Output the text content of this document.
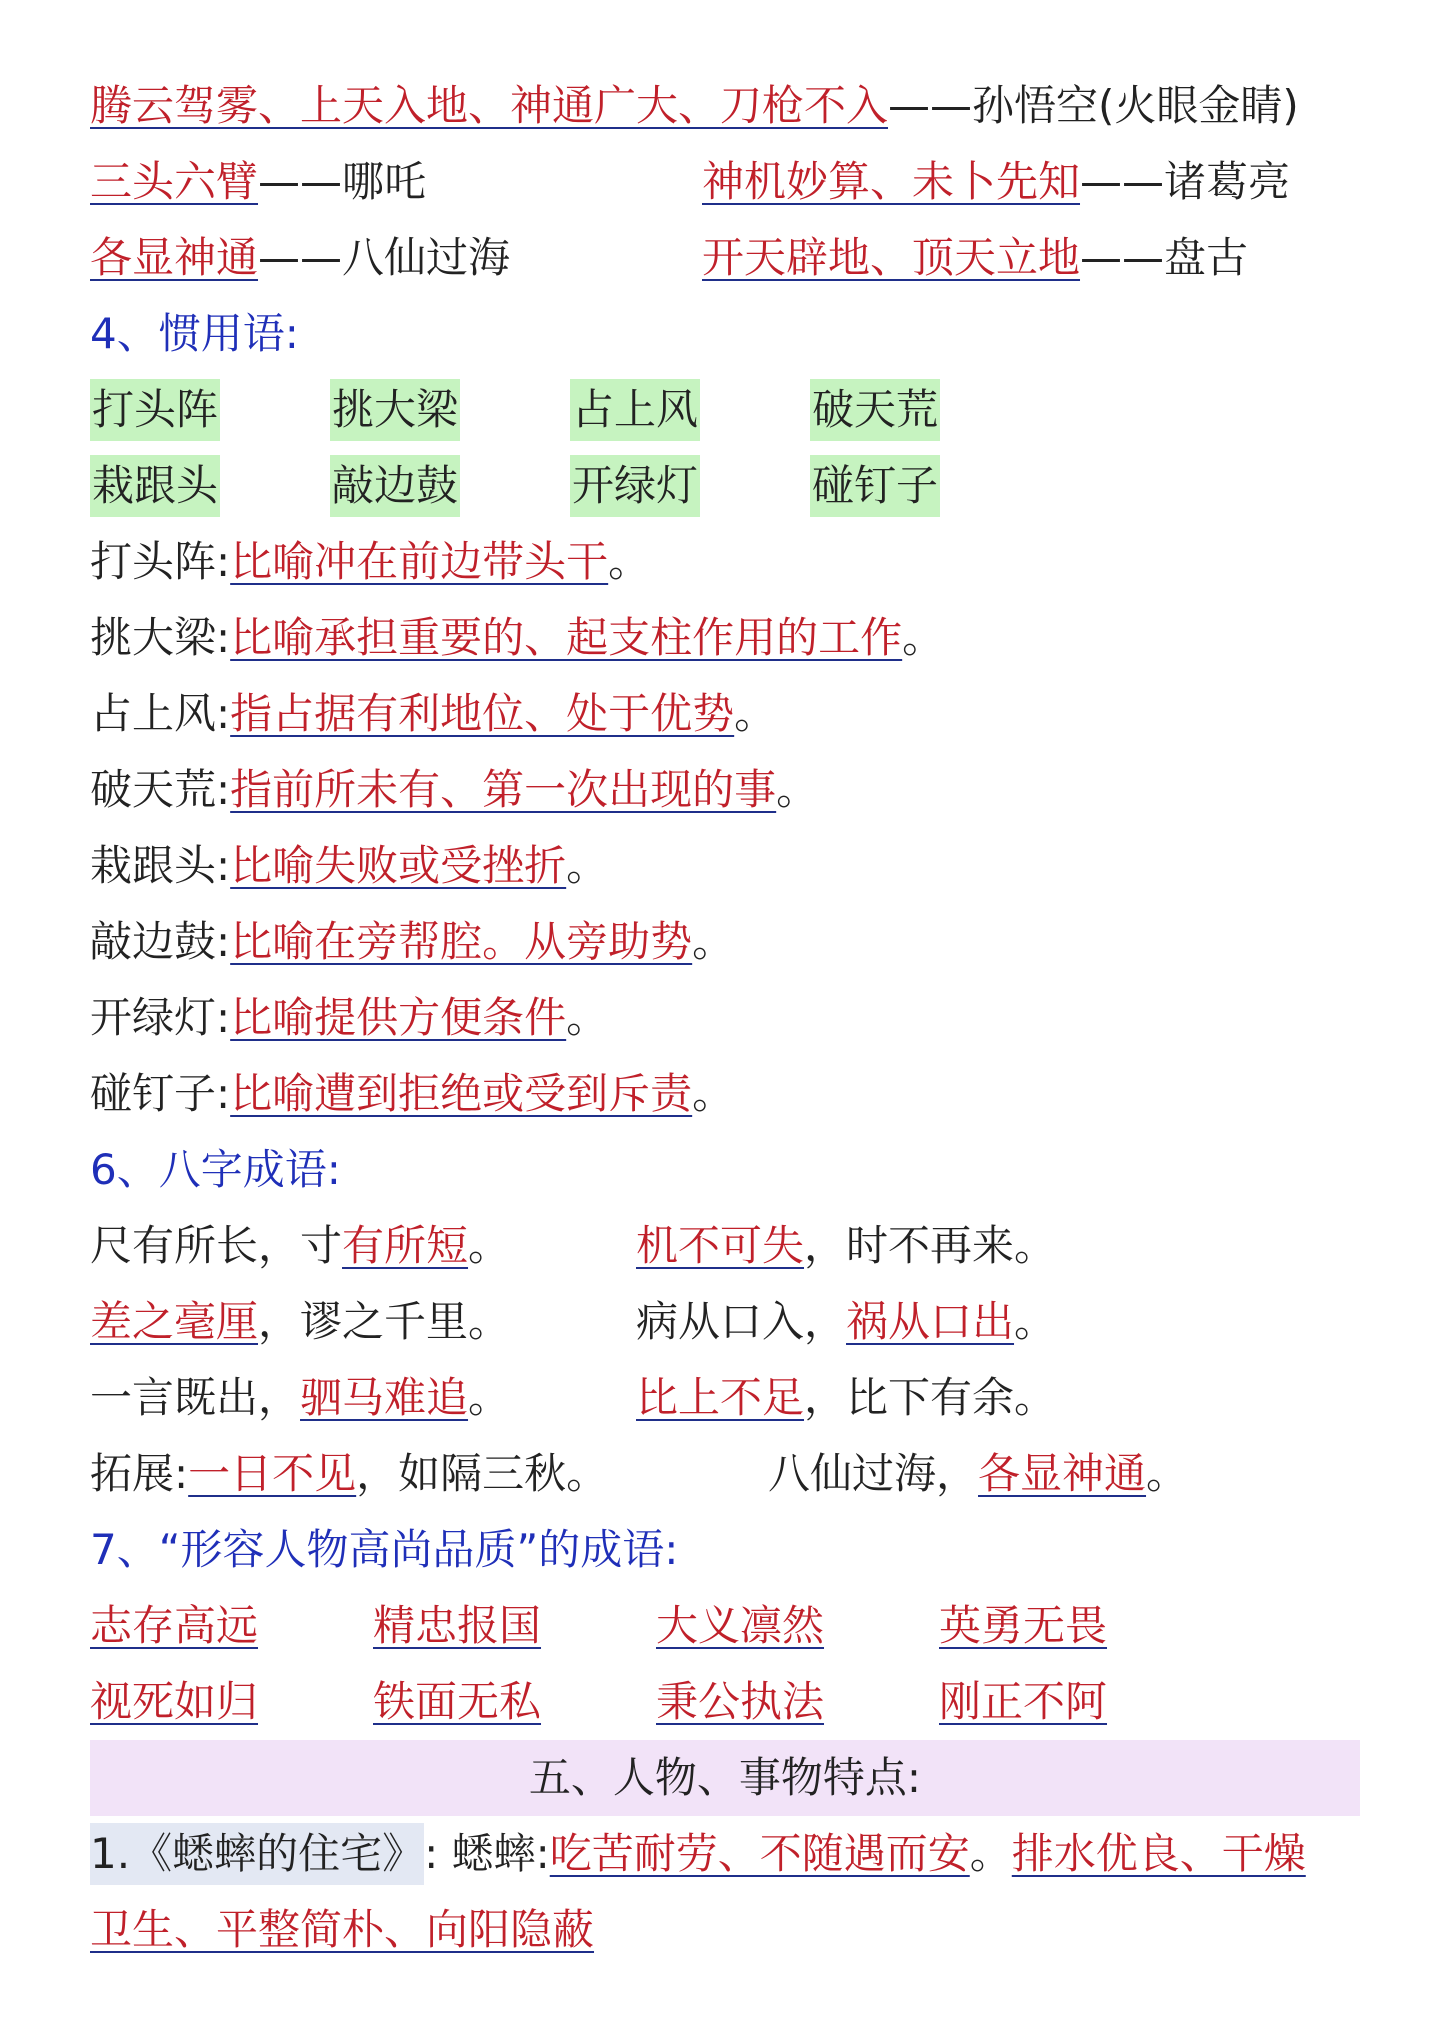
腾云驾雾、上天入地、神通广大、刀枪不入——孙悟空(火眼金睛)
三头六臂——哪吒	神机妙算、未卜先知——诸葛亮
各显神通——八仙过海	开天辟地、顶天立地——盘古
4、惯用语:
打头阵	挑大梁	占上风	破天荒
栽跟头	敲边鼓	开绿灯	碰钉子
打头阵:比喻冲在前边带头干。
挑大梁:比喻承担重要的、起支柱作用的工作。
占上风:指占据有利地位、处于优势。
破天荒:指前所未有、第一次出现的事。
栽跟头:比喻失败或受挫折。
敲边鼓:比喻在旁帮腔。从旁助势。
开绿灯:比喻提供方便条件。
碰钉子:比喻遭到拒绝或受到斥责。
6、八字成语:
尺有所长，寸有所短。	机不可失，时不再来。
差之毫厘，谬之千里。	病从口入，祸从口出。
一言既出，驷马难追。	比上不足，比下有余。
拓展:一日不见，如隔三秋。	八仙过海，各显神通。
7、“形容人物高尚品质”的成语:
志存高远	精忠报国	大义凛然	英勇无畏
视死如归	铁面无私	秉公执法	刚正不阿
五、人物、事物特点:
1.《蟋蟀的住宅》: 蟋蟀:吃苦耐劳、不随遇而安。排水优良、干燥
卫生、平整简朴、向阳隐蔽
